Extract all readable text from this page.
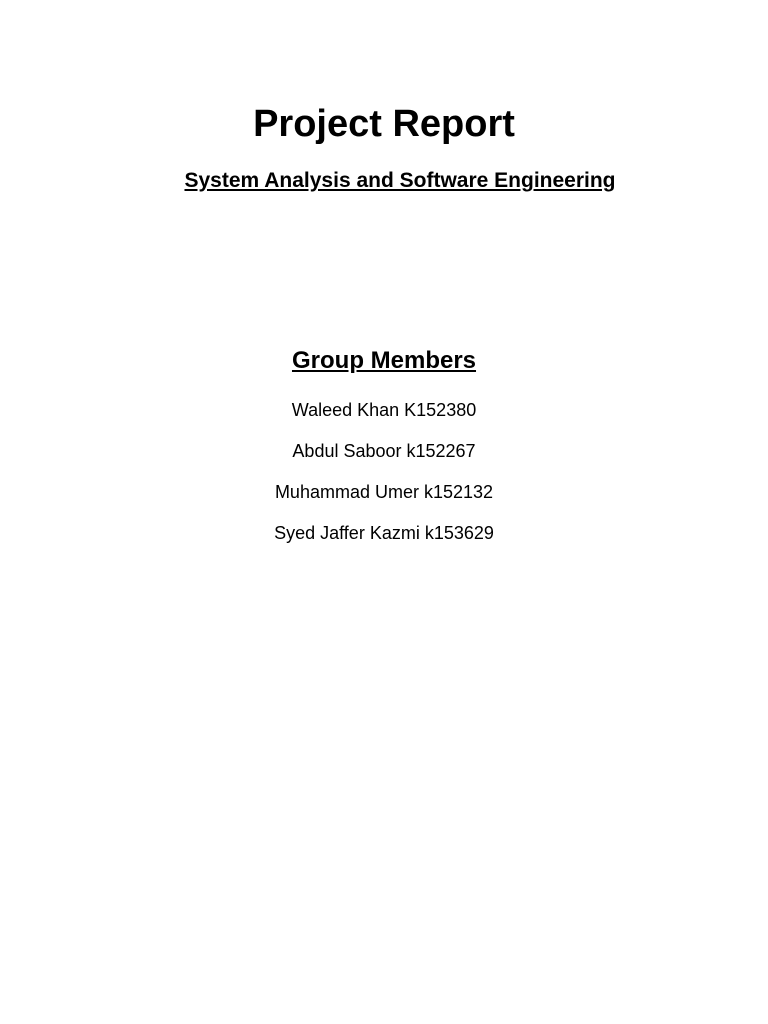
Project Report
System Analysis and Software Engineering
Group Members
Waleed Khan K152380
Abdul Saboor k152267
Muhammad Umer k152132
Syed Jaffer Kazmi k153629
